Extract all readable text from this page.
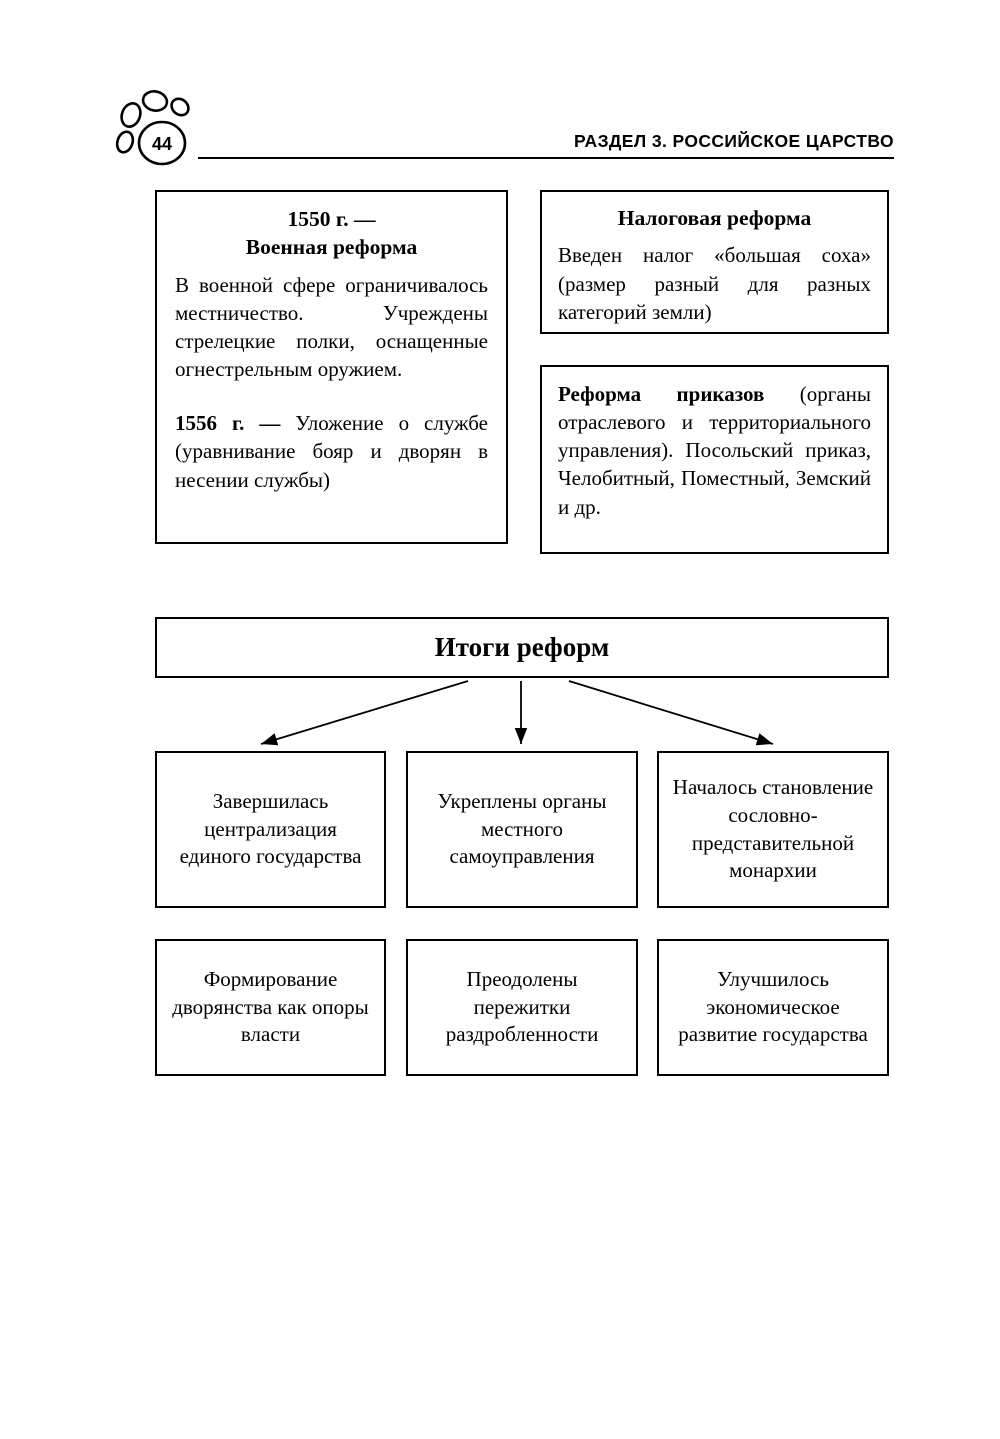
44	РАЗДЕЛ 3. РОССИЙСКОЕ ЦАРСТВО
1550 г. —
Военная реформа

В военной сфере ограничивалось местничество. Учреждены стрелецкие полки, оснащенные огнестрельным оружием.

1556 г. — Уложение о службе (уравнивание бояр и дворян в несении службы)

Налоговая реформа

Введен налог «большая соха» (размер разный для разных категорий земли)

Реформа приказов (органы отраслевого и территориального управления). Посольский приказ, Челобитный, Поместный, Земский и др.

Итоги реформ
Завершилась централизация единого государства
Укреплены органы местного самоуправления
Началось становление сословно-представительной монархии
Формирование дворянства как опоры власти
Преодолены пережитки раздробленности
Улучшилось экономическое развитие государства
